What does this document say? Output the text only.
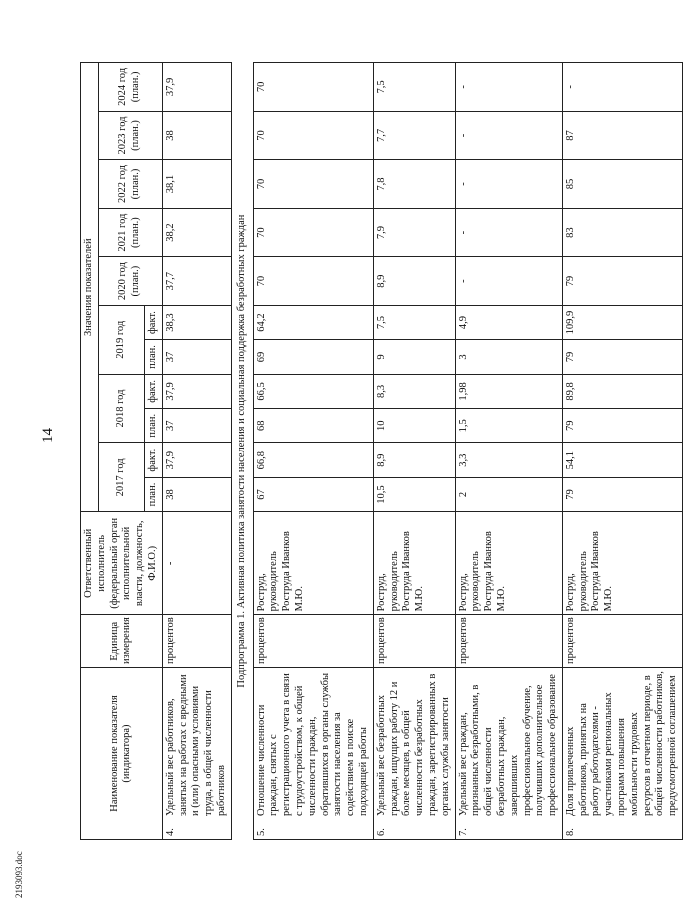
14
2193093.doc
Наименование показателя (индикатора)	Единица измерения	Ответственный исполнитель (федеральный орган исполнительной власти, должность, Ф.И.О.)	Значения показателей											
			2017 год		2018 год		2019 год		2020 год (план.)	2021 год (план.)	2022 год (план.)	2023 год (план.)	2024 год (план.)	
			план.	факт.	план.	факт.	план.	факт.						

4.
Удельный вес работников, занятых на работах с вредными и (или) опасными условиями труда, в общей численности работников	процентов	-	38	37,9	37	37,9	37	38,3	37,7	38,2	38,1	38	37,9	
Подпрограмма 1. Активная политика занятости населения и социальная поддержка безработных граждан														

5.
Отношение численности граждан, снятых с регистрационного учета в связи с трудоустройством, к общей численности граждан, обратившихся в органы службы занятости населения за содействием в поиске подходящей работы	процентов	Роструд, руководитель Роструда Иванков М.Ю.	67	66,8	68	66,5	69	64,2	70	70	70	70	70	

6.
Удельный вес безработных граждан, ищущих работу 12 и более месяцев, в общей численности безработных граждан, зарегистрированных в органах службы занятости	процентов	Роструд, руководитель Роструда Иванков М.Ю.	10,5	8,9	10	8,3	9	7,5	8,9	7,9	7,8	7,7	7,5	

7.
Удельный вес граждан, признанных безработными, в общей численности безработных граждан, завершивших профессиональное обучение, получивших дополнительное профессиональное образование	процентов	Роструд, руководитель Роструда Иванков М.Ю.	2	3,3	1,5	1,98	3	4,9	-	-	-	-	-	

8.
Доля привлеченных работников, принятых на работу работодателями - участниками региональных программ повышения мобильности трудовых ресурсов в отчетном периоде, в общей численности работников, предусмотренной соглашением	процентов	Роструд, руководитель Роструда Иванков М.Ю.	79	54,1	79	89,8	79	109,9	79	83	85	87	-	
